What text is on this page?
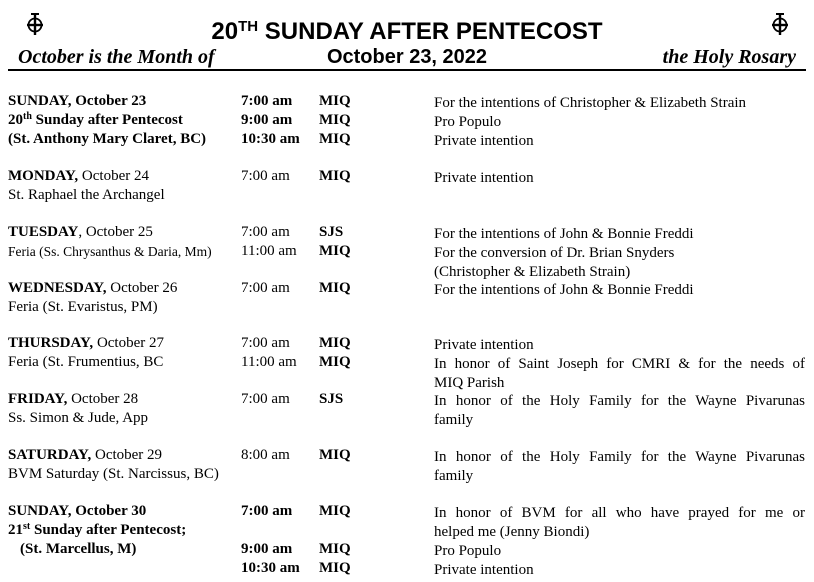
20TH SUNDAY AFTER PENTECOST
October is the Month of	October 23, 2022	the Holy Rosary
SUNDAY, October 23
20th Sunday after Pentecost
(St. Anthony Mary Claret, BC)
7:00 am MIQ	For the intentions of Christopher & Elizabeth Strain
9:00 am MIQ	Pro Populo
10:30 am MIQ	Private intention
MONDAY, October 24
St. Raphael the Archangel
7:00 am MIQ	Private intention
TUESDAY, October 25
Feria (Ss. Chrysanthus & Daria, Mm)
7:00 am SJS	For the intentions of John & Bonnie Freddi
11:00 am MIQ	For the conversion of Dr. Brian Snyders
(Christopher & Elizabeth Strain)
WEDNESDAY, October 26
Feria (St. Evaristus, PM)
7:00 am MIQ	For the intentions of John & Bonnie Freddi
THURSDAY, October 27
Feria (St. Frumentius, BC
7:00 am MIQ	Private intention
11:00 am MIQ	In honor of Saint Joseph for CMRI & for the needs of
MIQ Parish
FRIDAY, October 28
Ss. Simon & Jude, App
7:00 am SJS	In honor of the Holy Family for the Wayne Pivarunas
family
SATURDAY, October 29
BVM Saturday (St. Narcissus, BC)
8:00 am MIQ	In honor of the Holy Family for the Wayne Pivarunas
family
SUNDAY, October 30
21st Sunday after Pentecost;
(St. Marcellus, M)
7:00 am MIQ	In honor of BVM for all who have prayed for me or
helped me (Jenny Biondi)
9:00 am MIQ	Pro Populo
10:30 am MIQ	Private intention
